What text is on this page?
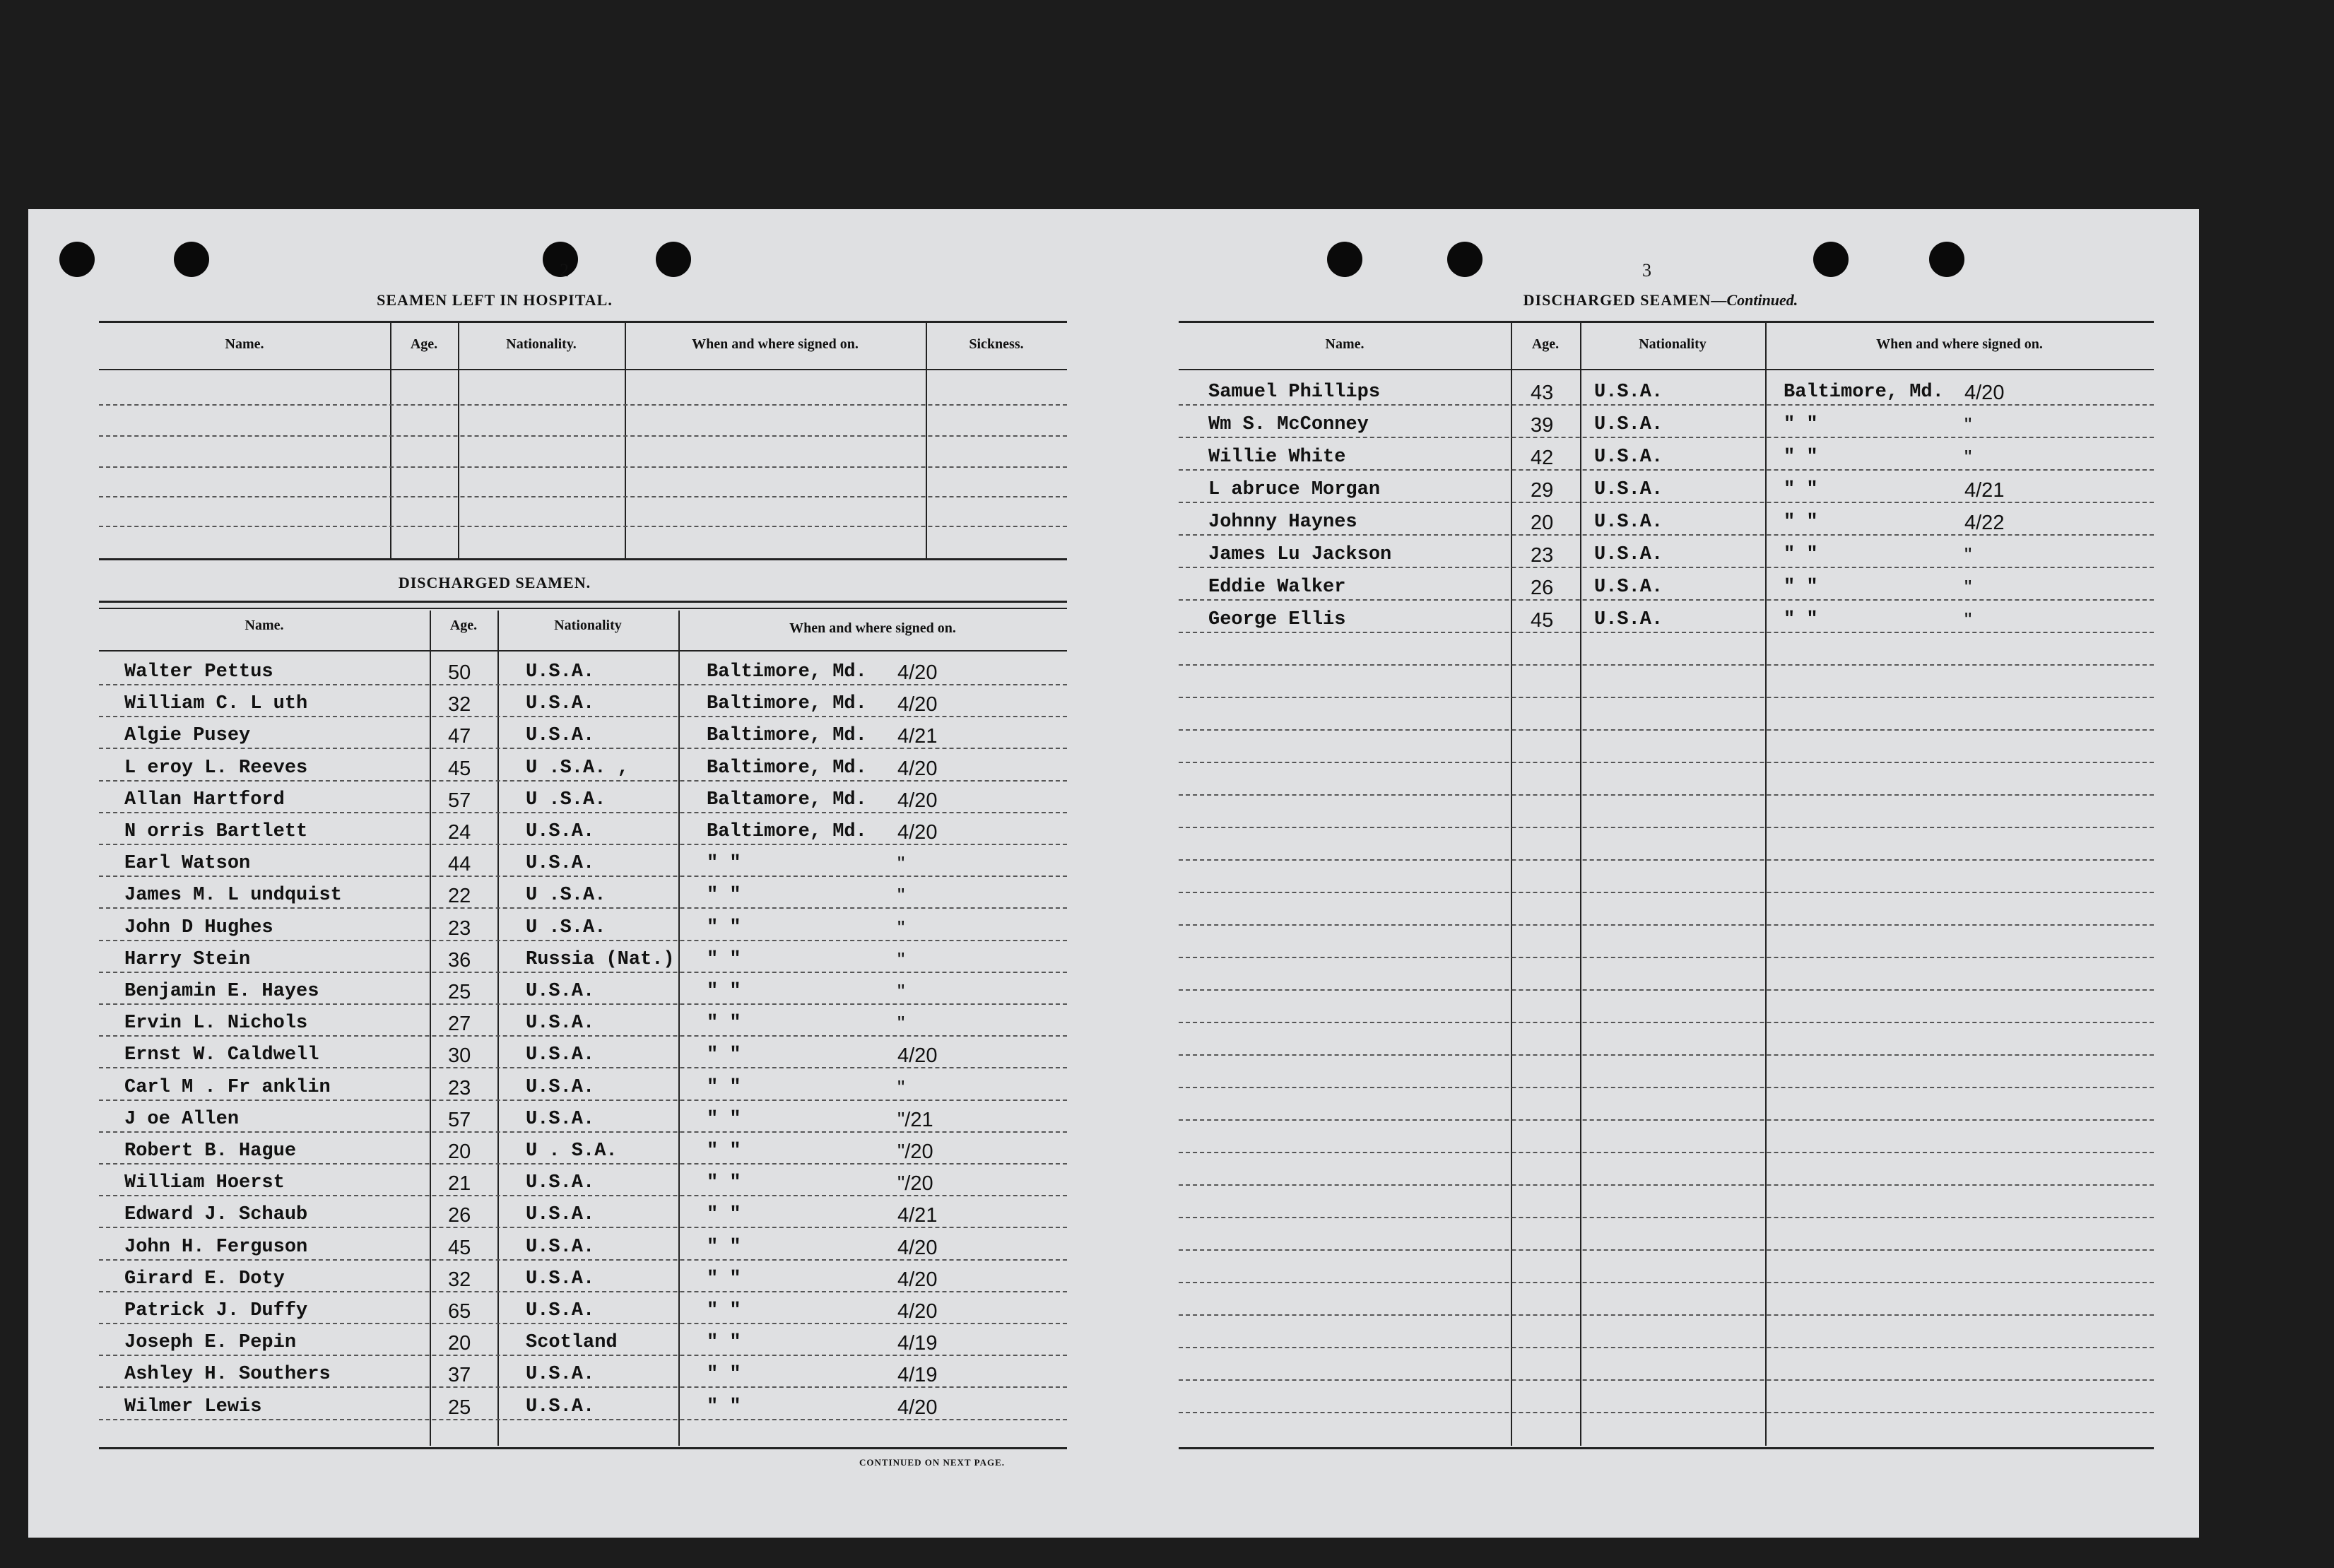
2
SEAMEN LEFT IN HOSPITAL.
Name.	Age.	Nationality.	When and where signed on.	Sickness.
DISCHARGED SEAMEN.
Name.	Age.	Nationality	When and where signed on.
Walter Pettus	50	U.S.A.	Baltimore, Md. 4/20
William C. L uth	32	U.S.A.	Baltimore, Md. 4/20
Algie Pusey	47	U.S.A.	Baltimore, Md. 4/21
L eroy L. Reeves	45	U .S.A. ,	Baltimore, Md. 4/20
Allan Hartford	57	U .S.A.	Baltamore, Md. 4/20
N orris Bartlett	24	U.S.A.	Baltimore, Md. 4/20
Earl Watson	44	U.S.A.	" "	"
James M. L undquist	22	U .S.A.	" "	"
John D Hughes	23	U .S.A.	" "	"
Harry Stein	36	Russia (Nat.) " "	"
Benjamin E. Hayes	25	U.S.A.	" "	"
Ervin L. Nichols	27	U.S.A.	" "	"
Ernst W. Caldwell	30	U.S.A.	" "	4/20
Carl M . Fr anklin	23	U.S.A.	" "	"
J oe Allen	57	U.S.A.	" "	"/21
Robert B. Hague	20	U . S.A.	" "	"/20
William Hoerst	21	U.S.A.	" "	"/20
Edward J. Schaub	26	U.S.A.	" "	4/21
John H. Ferguson	45	U.S.A.	" "	4/20
Girard E. Doty	32	U.S.A.	" "	4/20
Patrick J. Duffy	65	U.S.A.	" "	4/20
Joseph E. Pepin	20	Scotland	" "	4/19
Ashley H. Southers	37	U.S.A.	" "	4/19
Wilmer Lewis	25	U.S.A.	" "	4/20
CONTINUED ON NEXT PAGE.
3
DISCHARGED SEAMEN—Continued.
Name.	Age.	Nationality	When and where signed on.
Samuel Phillips	43 U.S.A.	Baltimore, Md. 4/20
Wm S. McConney	39 U.S.A.	" "	"
Willie White	42 U.S.A.	" "	"
L abruce Morgan	29 U.S.A.	" "	4/21
Johnny Haynes	20 U.S.A.	" "	4/22
James Lu Jackson	23 U.S.A.	" "	"
Eddie Walker	26 U.S.A.	" "	"
George Ellis	45 U.S.A.	" "	"
